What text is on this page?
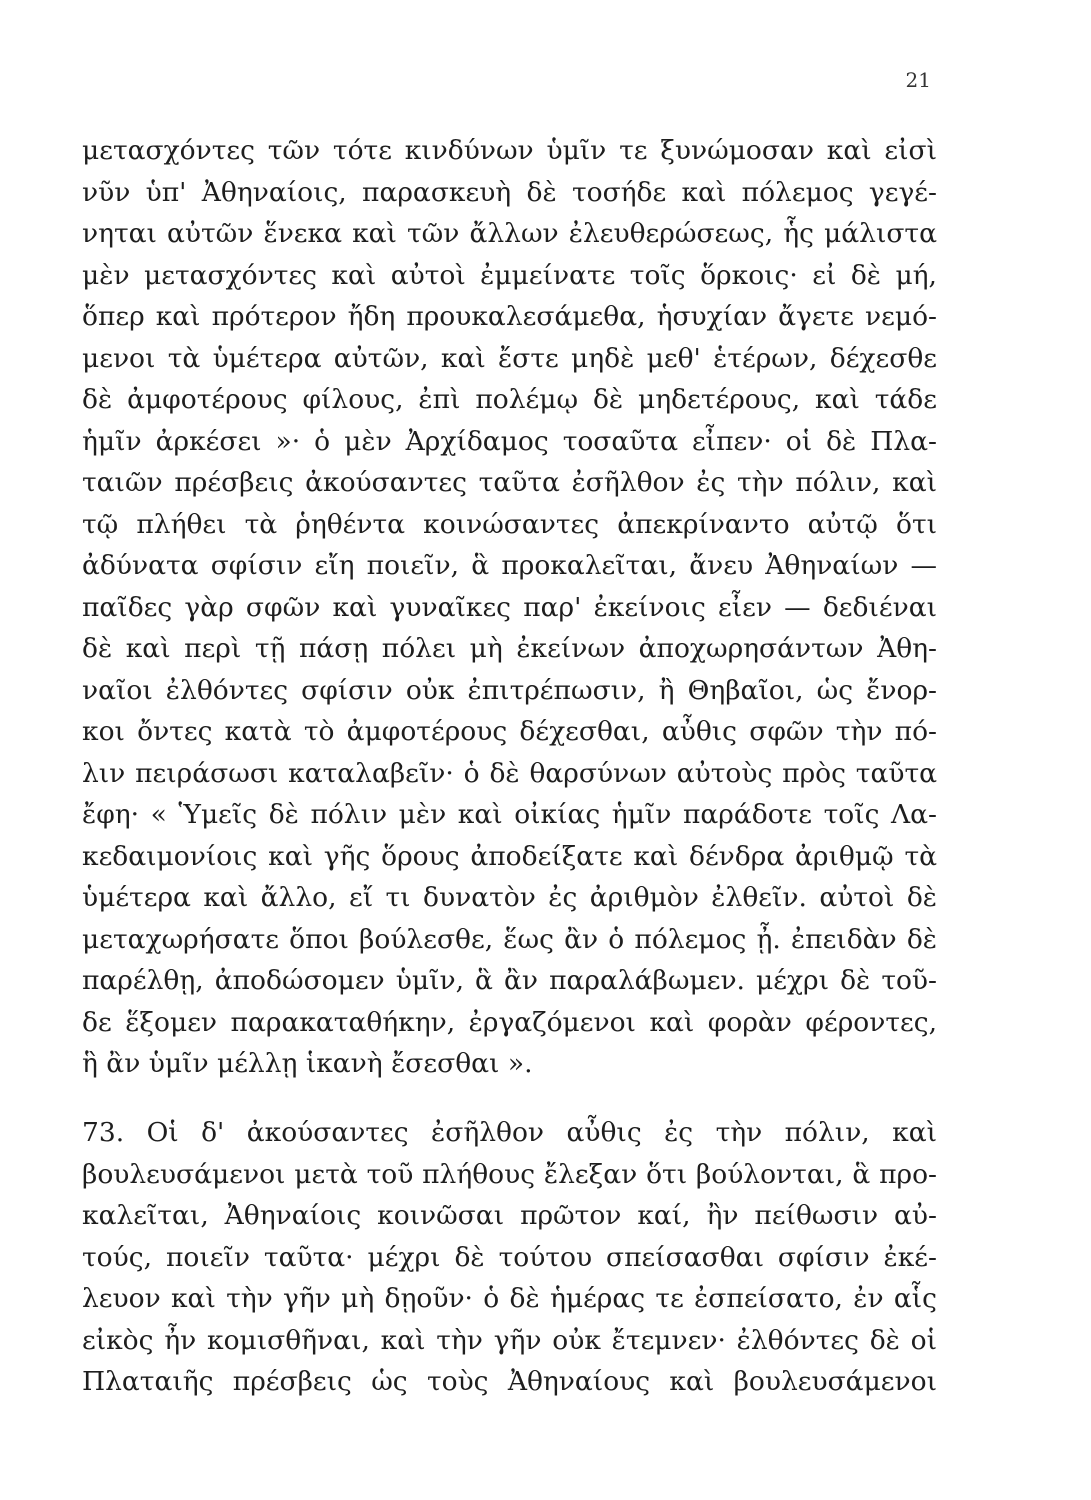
21
μετασχόντες τῶν τότε κινδύνων ὑμῖν τε ξυνώμοσαν καὶ εἰσὶ
νῦν ὑπ' Ἀθηναίοις, παρασκευὴ δὲ τοσήδε καὶ πόλεμος γεγέ-
νηται αὐτῶν ἕνεκα καὶ τῶν ἄλλων ἐλευθερώσεως, ἧς μάλιστα
μὲν μετασχόντες καὶ αὐτοὶ ἐμμείνατε τοῖς ὅρκοις· εἰ δὲ μή,
ὅπερ καὶ πρότερον ἤδη προυκαλεσάμεθα, ἡσυχίαν ἄγετε νεμό-
μενοι τὰ ὑμέτερα αὐτῶν, καὶ ἔστε μηδὲ μεθ' ἑτέρων, δέχεσθε
δὲ ἀμφοτέρους φίλους, ἐπὶ πολέμῳ δὲ μηδετέρους, καὶ τάδε
ἡμῖν ἀρκέσει »· ὁ μὲν Ἀρχίδαμος τοσαῦτα εἶπεν· οἱ δὲ Πλα-
ταιῶν πρέσβεις ἀκούσαντες ταῦτα ἐσῆλθον ἐς τὴν πόλιν, καὶ
τῷ πλήθει τὰ ῥηθέντα κοινώσαντες ἀπεκρίναντο αὐτῷ ὅτι
ἀδύνατα σφίσιν εἴη ποιεῖν, ἃ προκαλεῖται, ἄνευ Ἀθηναίων —
παῖδες γὰρ σφῶν καὶ γυναῖκες παρ' ἐκείνοις εἶεν — δεδιέναι
δὲ καὶ περὶ τῇ πάσῃ πόλει μὴ ἐκείνων ἀποχωρησάντων Ἀθη-
ναῖοι ἐλθόντες σφίσιν οὐκ ἐπιτρέπωσιν, ἢ Θηβαῖοι, ὡς ἔνορ-
κοι ὄντες κατὰ τὸ ἀμφοτέρους δέχεσθαι, αὖθις σφῶν τὴν πό-
λιν πειράσωσι καταλαβεῖν· ὁ δὲ θαρσύνων αὐτοὺς πρὸς ταῦτα
ἔφη· « Ὑμεῖς δὲ πόλιν μὲν καὶ οἰκίας ἡμῖν παράδοτε τοῖς Λα-
κεδαιμονίοις καὶ γῆς ὅρους ἀποδείξατε καὶ δένδρα ἀριθμῷ τὰ
ὑμέτερα καὶ ἄλλο, εἴ τι δυνατὸν ἐς ἀριθμὸν ἐλθεῖν. αὐτοὶ δὲ
μεταχωρήσατε ὅποι βούλεσθε, ἕως ἂν ὁ πόλεμος ᾖ. ἐπειδὰν δὲ
παρέλθῃ, ἀποδώσομεν ὑμῖν, ἃ ἂν παραλάβωμεν. μέχρι δὲ τοῦ-
δε ἕξομεν παρακαταθήκην, ἐργαζόμενοι καὶ φορὰν φέροντες,
ἣ ἂν ὑμῖν μέλλῃ ἱκανὴ ἔσεσθαι ».
73. Οἱ δ' ἀκούσαντες ἐσῆλθον αὖθις ἐς τὴν πόλιν, καὶ
βουλευσάμενοι μετὰ τοῦ πλήθους ἔλεξαν ὅτι βούλονται, ἃ προ-
καλεῖται, Ἀθηναίοις κοινῶσαι πρῶτον καί, ἢν πείθωσιν αὐ-
τούς, ποιεῖν ταῦτα· μέχρι δὲ τούτου σπείσασθαι σφίσιν ἐκέ-
λευον καὶ τὴν γῆν μὴ δῃοῦν· ὁ δὲ ἡμέρας τε ἐσπείσατο, ἐν αἷς
εἰκὸς ἦν κομισθῆναι, καὶ τὴν γῆν οὐκ ἔτεμνεν· ἐλθόντες δὲ οἱ
Πλαταιῆς πρέσβεις ὡς τοὺς Ἀθηναίους καὶ βουλευσάμενοι
